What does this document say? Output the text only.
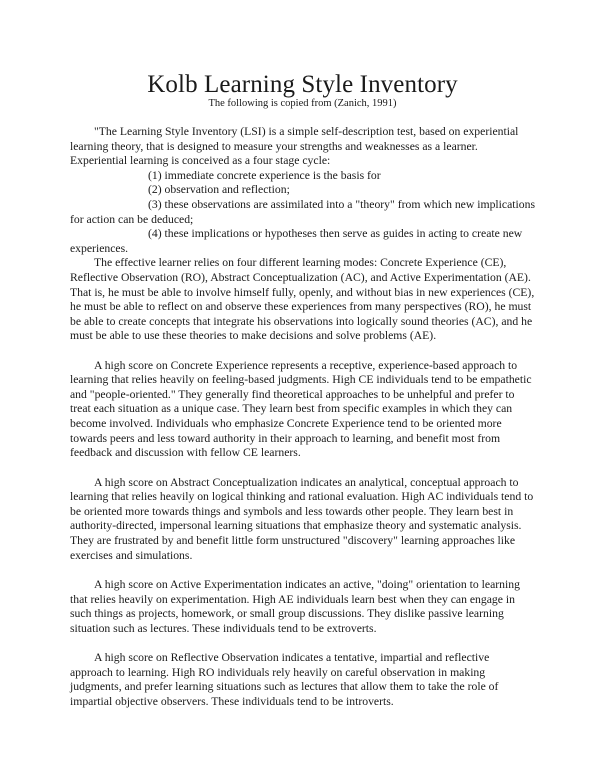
Kolb Learning Style Inventory
The following is copied from (Zanich, 1991)

"The Learning Style Inventory (LSI) is a simple self-description test, based on experiential learning theory, that is designed to measure your strengths and weaknesses as a learner. Experiential learning is conceived as a four stage cycle:

(1) immediate concrete experience is the basis for

(2) observation and reflection;

(3) these observations are assimilated into a "theory" from which new implications for action can be deduced;

(4) these implications or hypotheses then serve as guides in acting to create new experiences.

The effective learner relies on four different learning modes: Concrete Experience (CE), Reflective Observation (RO), Abstract Conceptualization (AC), and Active Experimentation (AE). That is, he must be able to involve himself fully, openly, and without bias in new experiences (CE), he must be able to reflect on and observe these experiences from many perspectives (RO), he must be able to create concepts that integrate his observations into logically sound theories (AC), and he must be able to use these theories to make decisions and solve problems (AE).

A high score on Concrete Experience represents a receptive, experience-based approach to learning that relies heavily on feeling-based judgments. High CE individuals tend to be empathetic and "people-oriented." They generally find theoretical approaches to be unhelpful and prefer to treat each situation as a unique case. They learn best from specific examples in which they can become involved. Individuals who emphasize Concrete Experience tend to be oriented more towards peers and less toward authority in their approach to learning, and benefit most from feedback and discussion with fellow CE learners.

A high score on Abstract Conceptualization indicates an analytical, conceptual approach to learning that relies heavily on logical thinking and rational evaluation. High AC individuals tend to be oriented more towards things and symbols and less towards other people. They learn best in authority-directed, impersonal learning situations that emphasize theory and systematic analysis. They are frustrated by and benefit little form unstructured "discovery" learning approaches like exercises and simulations.

A high score on Active Experimentation indicates an active, "doing" orientation to learning that relies heavily on experimentation. High AE individuals learn best when they can engage in such things as projects, homework, or small group discussions. They dislike passive learning situation such as lectures. These individuals tend to be extroverts.

A high score on Reflective Observation indicates a tentative, impartial and reflective approach to learning. High RO individuals rely heavily on careful observation in making judgments, and prefer learning situations such as lectures that allow them to take the role of impartial objective observers. These individuals tend to be introverts.
